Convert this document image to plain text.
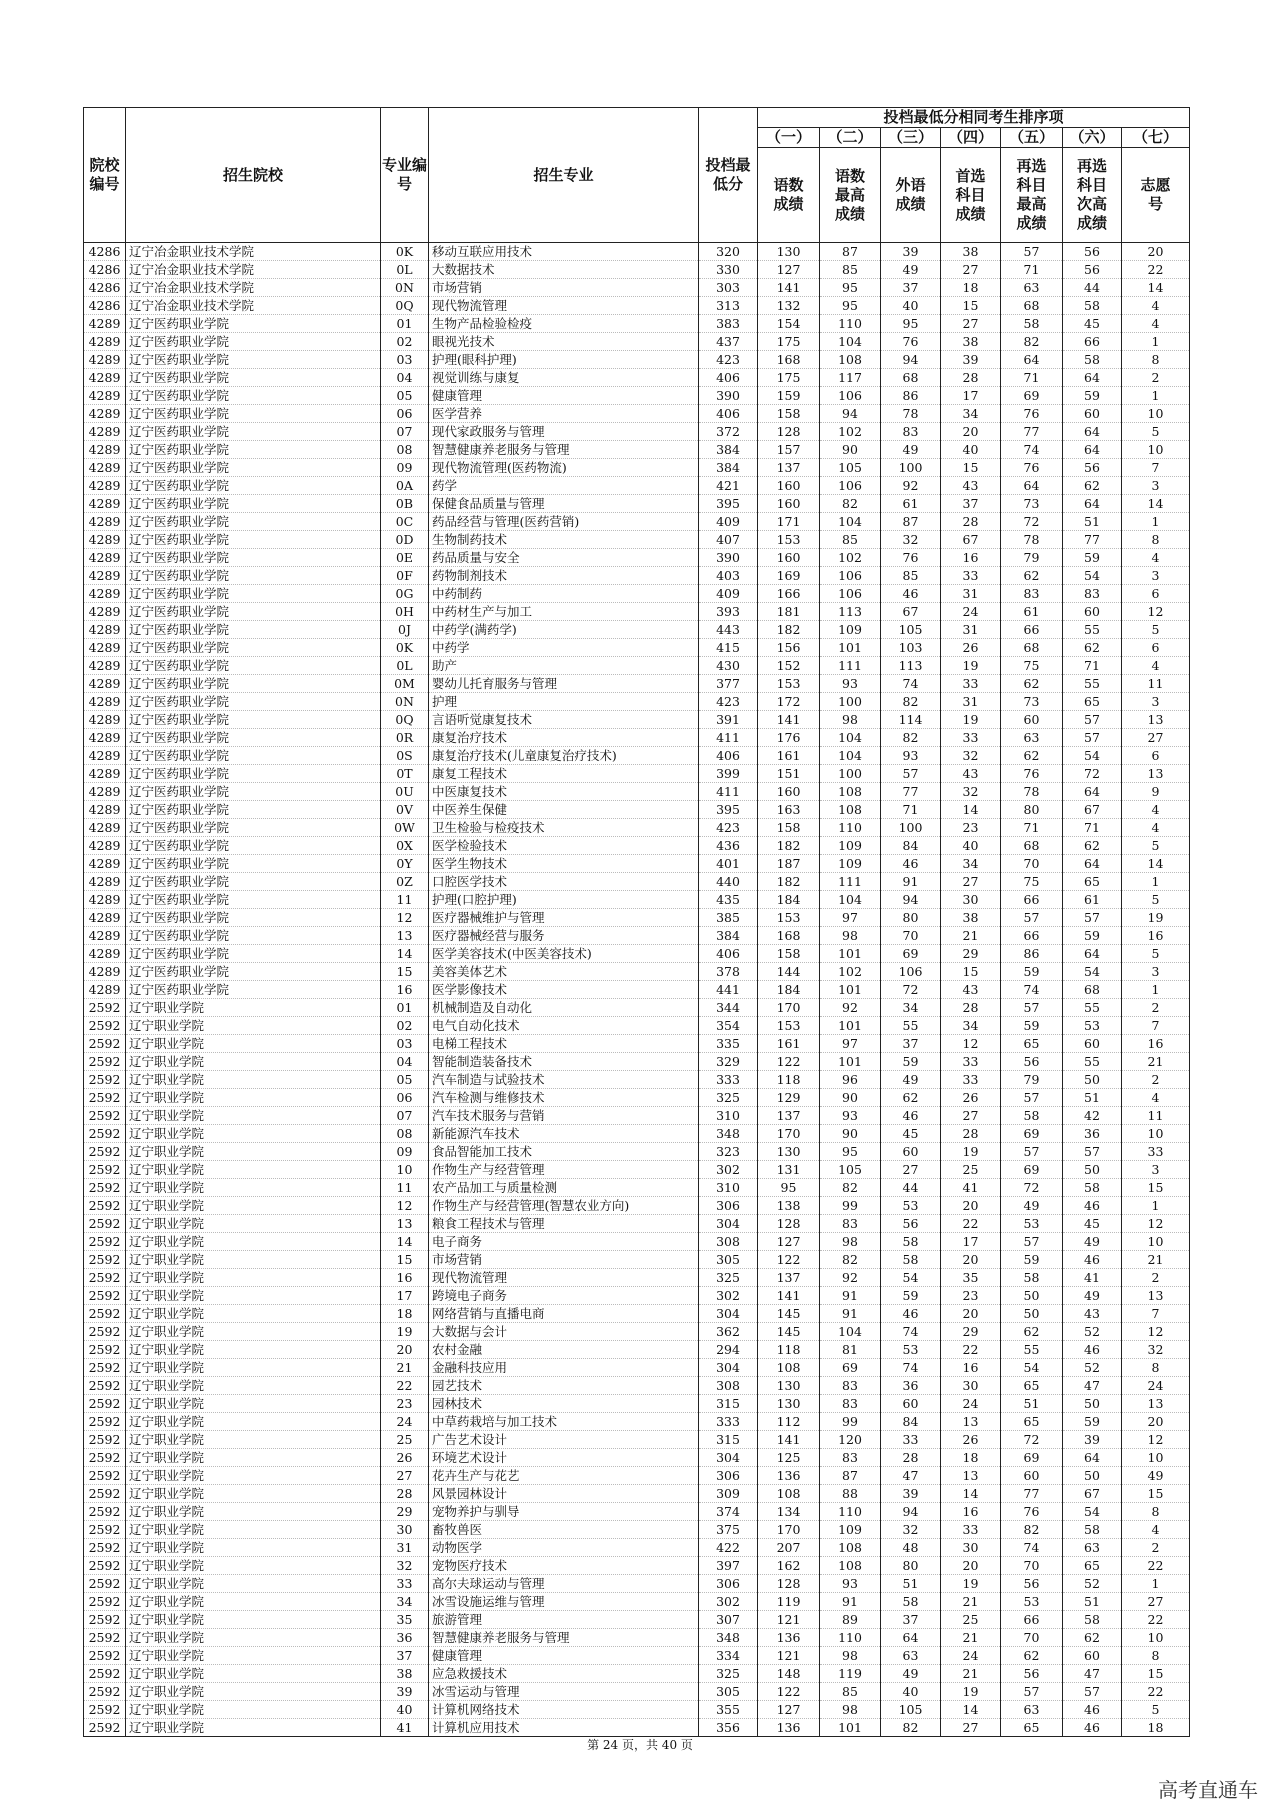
院校编号	招生院校	专业编号	招生专业	投档最低分	投档最低分相同考生排序项						
					（一）	（二）	（三）	（四）	（五）	（六）	（七）
					语数成绩	语数最高成绩	外语成绩	首选科目成绩	再选科目最高成绩	再选科目次高成绩	志愿号
4286	辽宁冶金职业技术学院	0K	移动互联应用技术	320	130	87	39	38	57	56	20
4286	辽宁冶金职业技术学院	0L	大数据技术	330	127	85	49	27	71	56	22
4286	辽宁冶金职业技术学院	0N	市场营销	303	141	95	37	18	63	44	14
4286	辽宁冶金职业技术学院	0Q	现代物流管理	313	132	95	40	15	68	58	4
4289	辽宁医药职业学院	01	生物产品检验检疫	383	154	110	95	27	58	45	4
4289	辽宁医药职业学院	02	眼视光技术	437	175	104	76	38	82	66	1
4289	辽宁医药职业学院	03	护理(眼科护理)	423	168	108	94	39	64	58	8
4289	辽宁医药职业学院	04	视觉训练与康复	406	175	117	68	28	71	64	2
4289	辽宁医药职业学院	05	健康管理	390	159	106	86	17	69	59	1
4289	辽宁医药职业学院	06	医学营养	406	158	94	78	34	76	60	10
4289	辽宁医药职业学院	07	现代家政服务与管理	372	128	102	83	20	77	64	5
4289	辽宁医药职业学院	08	智慧健康养老服务与管理	384	157	90	49	40	74	64	10
4289	辽宁医药职业学院	09	现代物流管理(医药物流)	384	137	105	100	15	76	56	7
4289	辽宁医药职业学院	0A	药学	421	160	106	92	43	64	62	3
4289	辽宁医药职业学院	0B	保健食品质量与管理	395	160	82	61	37	73	64	14
4289	辽宁医药职业学院	0C	药品经营与管理(医药营销)	409	171	104	87	28	72	51	1
4289	辽宁医药职业学院	0D	生物制药技术	407	153	85	32	67	78	77	8
4289	辽宁医药职业学院	0E	药品质量与安全	390	160	102	76	16	79	59	4
4289	辽宁医药职业学院	0F	药物制剂技术	403	169	106	85	33	62	54	3
4289	辽宁医药职业学院	0G	中药制药	409	166	106	46	31	83	83	6
4289	辽宁医药职业学院	0H	中药材生产与加工	393	181	113	67	24	61	60	12
4289	辽宁医药职业学院	0J	中药学(满药学)	443	182	109	105	31	66	55	5
4289	辽宁医药职业学院	0K	中药学	415	156	101	103	26	68	62	6
4289	辽宁医药职业学院	0L	助产	430	152	111	113	19	75	71	4
4289	辽宁医药职业学院	0M	婴幼儿托育服务与管理	377	153	93	74	33	62	55	11
4289	辽宁医药职业学院	0N	护理	423	172	100	82	31	73	65	3
4289	辽宁医药职业学院	0Q	言语听觉康复技术	391	141	98	114	19	60	57	13
4289	辽宁医药职业学院	0R	康复治疗技术	411	176	104	82	33	63	57	27
4289	辽宁医药职业学院	0S	康复治疗技术(儿童康复治疗技术)	406	161	104	93	32	62	54	6
4289	辽宁医药职业学院	0T	康复工程技术	399	151	100	57	43	76	72	13
4289	辽宁医药职业学院	0U	中医康复技术	411	160	108	77	32	78	64	9
4289	辽宁医药职业学院	0V	中医养生保健	395	163	108	71	14	80	67	4
4289	辽宁医药职业学院	0W	卫生检验与检疫技术	423	158	110	100	23	71	71	4
4289	辽宁医药职业学院	0X	医学检验技术	436	182	109	84	40	68	62	5
4289	辽宁医药职业学院	0Y	医学生物技术	401	187	109	46	34	70	64	14
4289	辽宁医药职业学院	0Z	口腔医学技术	440	182	111	91	27	75	65	1
4289	辽宁医药职业学院	11	护理(口腔护理)	435	184	104	94	30	66	61	5
4289	辽宁医药职业学院	12	医疗器械维护与管理	385	153	97	80	38	57	57	19
4289	辽宁医药职业学院	13	医疗器械经营与服务	384	168	98	70	21	66	59	16
4289	辽宁医药职业学院	14	医学美容技术(中医美容技术)	406	158	101	69	29	86	64	5
4289	辽宁医药职业学院	15	美容美体艺术	378	144	102	106	15	59	54	3
4289	辽宁医药职业学院	16	医学影像技术	441	184	101	72	43	74	68	1
2592	辽宁职业学院	01	机械制造及自动化	344	170	92	34	28	57	55	2
2592	辽宁职业学院	02	电气自动化技术	354	153	101	55	34	59	53	7
2592	辽宁职业学院	03	电梯工程技术	335	161	97	37	12	65	60	16
2592	辽宁职业学院	04	智能制造装备技术	329	122	101	59	33	56	55	21
2592	辽宁职业学院	05	汽车制造与试验技术	333	118	96	49	33	79	50	2
2592	辽宁职业学院	06	汽车检测与维修技术	325	129	90	62	26	57	51	4
2592	辽宁职业学院	07	汽车技术服务与营销	310	137	93	46	27	58	42	11
2592	辽宁职业学院	08	新能源汽车技术	348	170	90	45	28	69	36	10
2592	辽宁职业学院	09	食品智能加工技术	323	130	95	60	19	57	57	33
2592	辽宁职业学院	10	作物生产与经营管理	302	131	105	27	25	69	50	3
2592	辽宁职业学院	11	农产品加工与质量检测	310	95	82	44	41	72	58	15
2592	辽宁职业学院	12	作物生产与经营管理(智慧农业方向)	306	138	99	53	20	49	46	1
2592	辽宁职业学院	13	粮食工程技术与管理	304	128	83	56	22	53	45	12
2592	辽宁职业学院	14	电子商务	308	127	98	58	17	57	49	10
2592	辽宁职业学院	15	市场营销	305	122	82	58	20	59	46	21
2592	辽宁职业学院	16	现代物流管理	325	137	92	54	35	58	41	2
2592	辽宁职业学院	17	跨境电子商务	302	141	91	59	23	50	49	13
2592	辽宁职业学院	18	网络营销与直播电商	304	145	91	46	20	50	43	7
2592	辽宁职业学院	19	大数据与会计	362	145	104	74	29	62	52	12
2592	辽宁职业学院	20	农村金融	294	118	81	53	22	55	46	32
2592	辽宁职业学院	21	金融科技应用	304	108	69	74	16	54	52	8
2592	辽宁职业学院	22	园艺技术	308	130	83	36	30	65	47	24
2592	辽宁职业学院	23	园林技术	315	130	83	60	24	51	50	13
2592	辽宁职业学院	24	中草药栽培与加工技术	333	112	99	84	13	65	59	20
2592	辽宁职业学院	25	广告艺术设计	315	141	120	33	26	72	39	12
2592	辽宁职业学院	26	环境艺术设计	304	125	83	28	18	69	64	10
2592	辽宁职业学院	27	花卉生产与花艺	306	136	87	47	13	60	50	49
2592	辽宁职业学院	28	风景园林设计	309	108	88	39	14	77	67	15
2592	辽宁职业学院	29	宠物养护与驯导	374	134	110	94	16	76	54	8
2592	辽宁职业学院	30	畜牧兽医	375	170	109	32	33	82	58	4
2592	辽宁职业学院	31	动物医学	422	207	108	48	30	74	63	2
2592	辽宁职业学院	32	宠物医疗技术	397	162	108	80	20	70	65	22
2592	辽宁职业学院	33	高尔夫球运动与管理	306	128	93	51	19	56	52	1
2592	辽宁职业学院	34	冰雪设施运维与管理	302	119	91	58	21	53	51	27
2592	辽宁职业学院	35	旅游管理	307	121	89	37	25	66	58	22
2592	辽宁职业学院	36	智慧健康养老服务与管理	348	136	110	64	21	70	62	10
2592	辽宁职业学院	37	健康管理	334	121	98	63	24	62	60	8
2592	辽宁职业学院	38	应急救援技术	325	148	119	49	21	56	47	15
2592	辽宁职业学院	39	冰雪运动与管理	305	122	85	40	19	57	57	22
2592	辽宁职业学院	40	计算机网络技术	355	127	98	105	14	63	46	5
2592	辽宁职业学院	41	计算机应用技术	356	136	101	82	27	65	46	18
第 24 页，共 40 页
高考直通车
